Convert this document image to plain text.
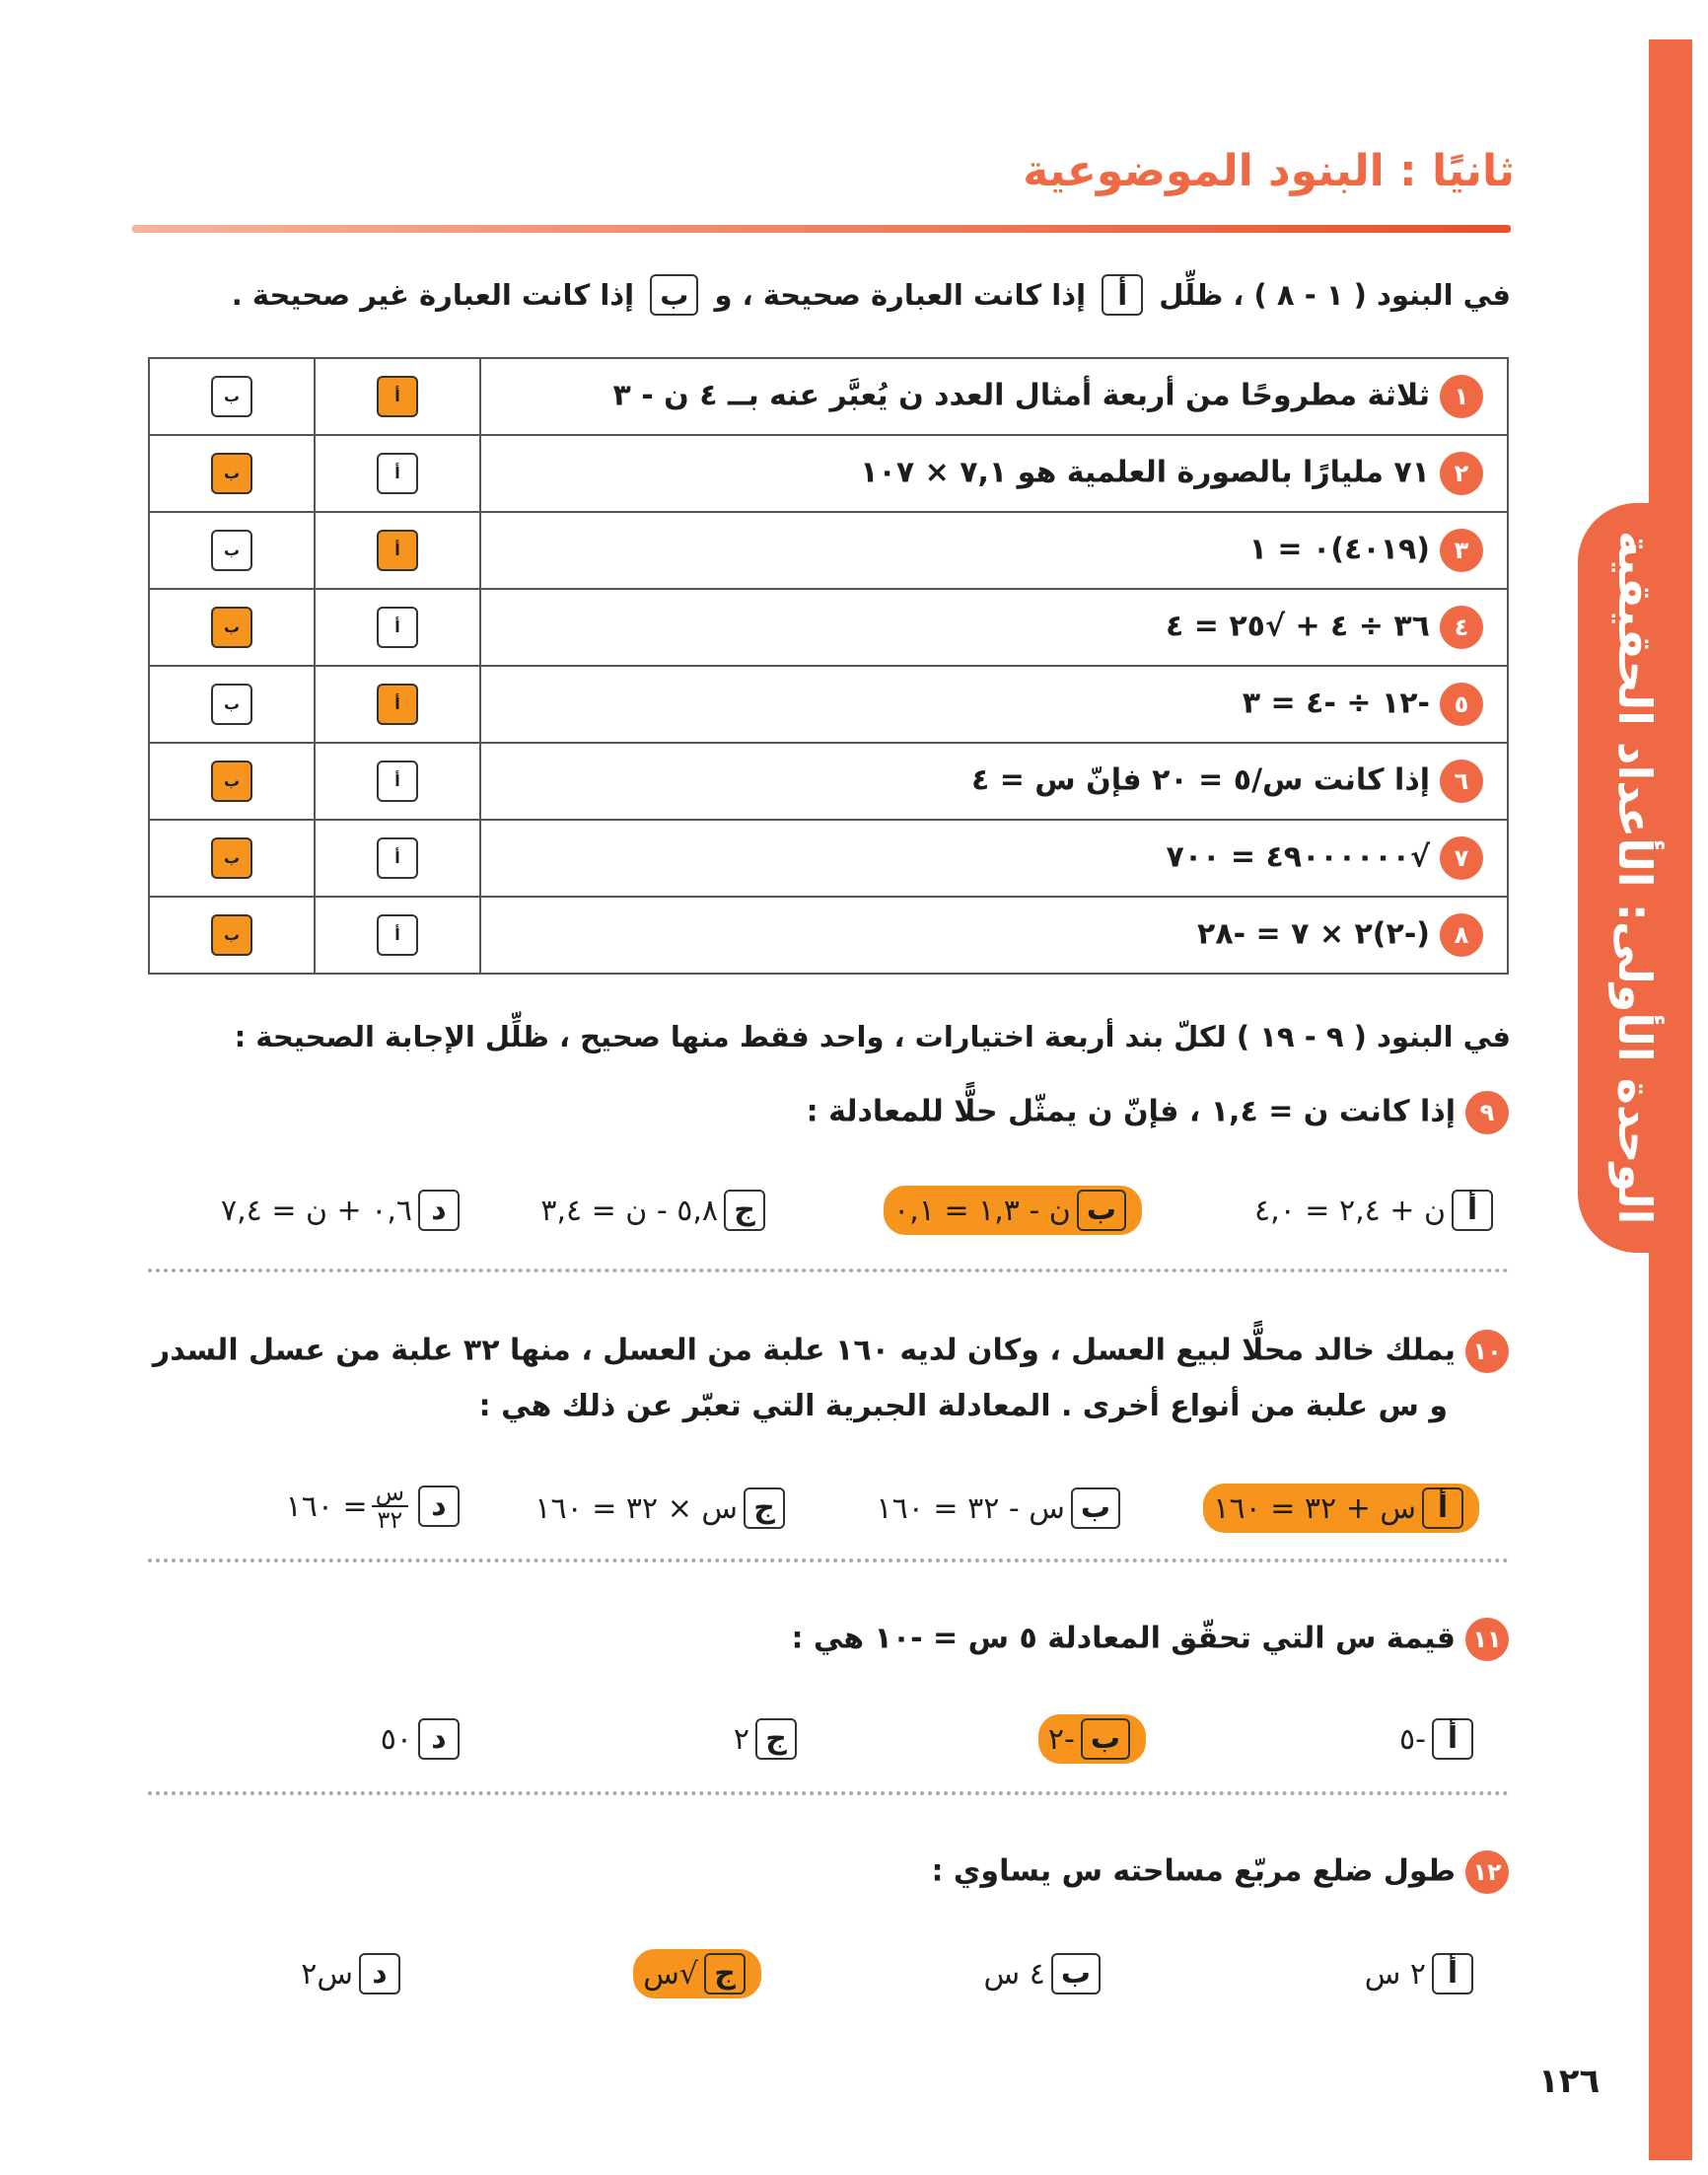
الوحدة الأولى: الأعداد الحقيقية
ثانيًا : البنود الموضوعية
في البنود ( ١ - ٨ ) ، ظلِّل أ إذا كانت العبارة صحيحة ، و ب إذا كانت العبارة غير صحيحة .
١ثلاثة مطروحًا من أربعة أمثال العدد ن يُعبَّر عنه بــ ٤ ن - ٣	أ	ب
٢٧١ مليارًا بالصورة العلمية هو ٧,١ × ١٠٧	أ	ب
٣(٤٠١٩)٠ = ١	أ	ب
٤٣٦ ÷ ٤ + √٢٥ = ٤	أ	ب
٥-١٢ ÷ -٤ = ٣	أ	ب
٦إذا كانت س/٥ = ٢٠ فإنّ س = ٤	أ	ب
٧√٤٩٠٠٠٠٠٠ = ٧٠٠	أ	ب
٨(-٢)٢ × ٧ = -٢٨	أ	ب
في البنود ( ٩ - ١٩ ) لكلّ بند أربعة اختيارات ، واحد فقط منها صحيح ، ظلِّل الإجابة الصحيحة :
٩إذا كانت ن = ١,٤ ، فإنّ ن يمثّل حلًّا للمعادلة :
أ
ن + ٢,٤ = ٤,٠
ب
ن - ١,٣ = ٠,١
ج
٥,٨ - ن = ٣,٤
د
٠,٦ + ن = ٧,٤
١٠يملك خالد محلًّا لبيع العسل ، وكان لديه ١٦٠ علبة من العسل ، منها ٣٢ علبة من عسل السدر
و س علبة من أنواع أخرى . المعادلة الجبرية التي تعبّر عن ذلك هي :
أ
س + ٣٢ = ١٦٠
ب
س - ٣٢ = ١٦٠
ج
س × ٣٢ = ١٦٠
د
$\frac{\text{س}}{٣٢}$
= ١٦٠
١١قيمة س التي تحقّق المعادلة ٥ س = -١٠ هي :
أ
-٥
ب
-٢
ج
٢
د
٥٠
١٢طول ضلع مربّع مساحته س يساوي :
أ
٢ س
ب
٤ س
ج
√س
د
س٢
١٢٦
